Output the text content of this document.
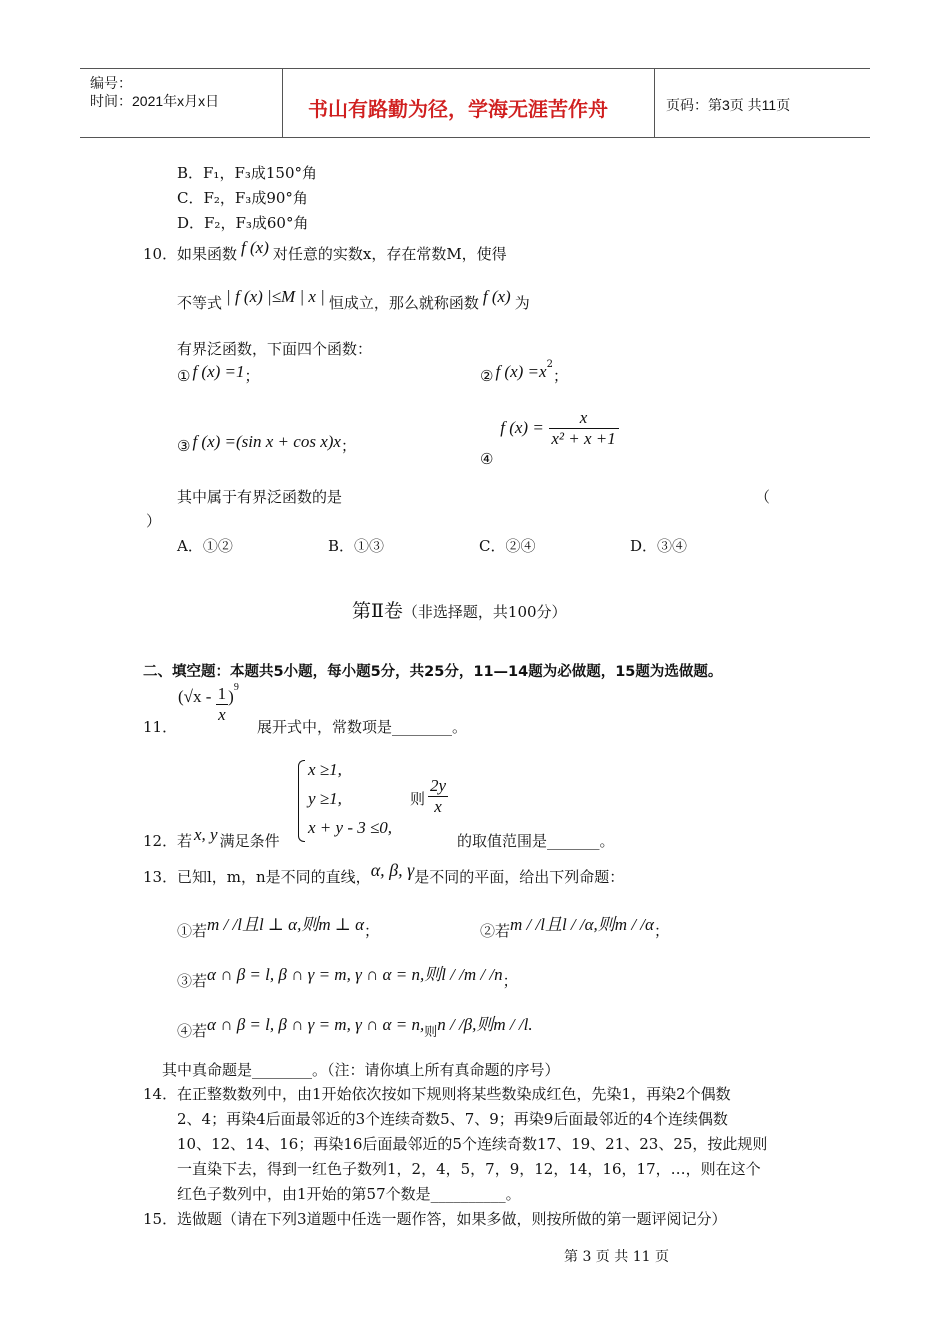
编号：
时间：2021年x月x日	书山有路勤为径，学海无涯苦作舟	页码：第3页 共11页
B．F₁，F₃成150°角
C．F₂，F₃成90°角
D．F₂，F₃成60°角
10． 如果函数 f (x) 对任意的实数x，存在常数M，使得
不等式 | f (x) |≤M | x | 恒成立，那么就称函数 f (x) 为
有界泛函数，下面四个函数：
① f (x) =1；	② f $(x) =x^2$；
③ f (x) =(sin x + cos x)x；
④ f $(x) = \frac{x}{\text{x² + x +1}}$
其中属于有界泛函数的是	（
）
A．①②	B．①③	C．②④	D．③④
第Ⅱ卷（非选择题，共100分）
二、填空题：本题共5小题，每小题5分，共25分，11—14题为必做题，15题为选做题。
11．
$(√x - \frac{1}{x} )^9$
展开式中，常数项是________。
12． 若 x, y 满足条件
x ≥1,
y ≥1,
x + y - 3 ≤0,
则 $\frac{2y}{x}$
的取值范围是_______。
13． 已知l，m，n是不同的直线，α, β, γ是不同的平面，给出下列命题：
①若m / /l且l ⊥ α,则m ⊥ α；	②若m / /l且l / /α,则m / /α；
③若α ∩ β = l, β ∩ γ = m, γ ∩ α = n,则l / /m / /n；
④若α ∩ β = l, β ∩ γ = m, γ ∩ α = n,则n / /β,则m / /l.
其中真命题是________。（注：请你填上所有真命题的序号）
14． 在正整数数列中，由1开始依次按如下规则将某些数染成红色，先染1，再染2个偶数
2、4；再染4后面最邻近的3个连续奇数5、7、9；再染9后面最邻近的4个连续偶数
10、12、14、16；再染16后面最邻近的5个连续奇数17、19、21、23、25，按此规则
一直染下去，得到一红色子数列1，2，4，5，7，9，12，14，16，17，…，则在这个
红色子数列中，由1开始的第57个数是__________。
15． 选做题（请在下列3道题中任选一题作答，如果多做，则按所做的第一题评阅记分）
第 3 页 共 11 页
